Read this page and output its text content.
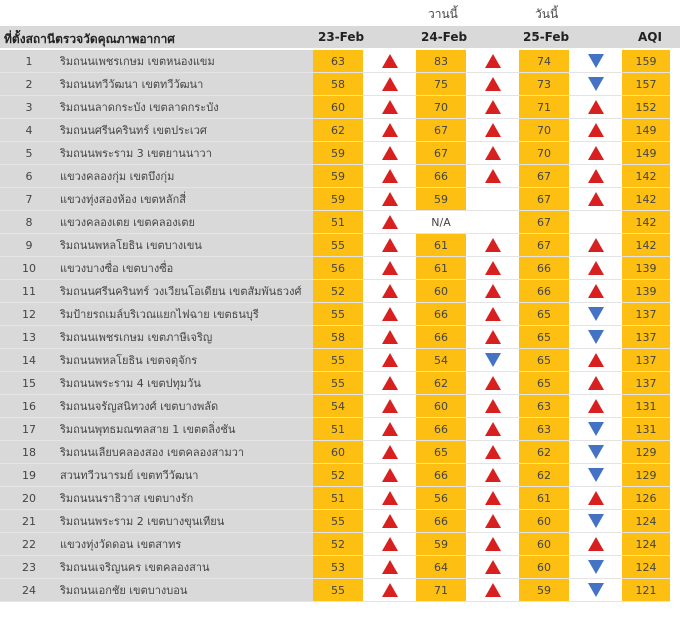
วานนี้	วันนี้
ที่ตั้งสถานีตรวจวัดคุณภาพอากาศ	23-Feb	24-Feb	25-Feb	AQI
1	ริมถนนเพชรเกษม เขตหนองแขม	63		83		74		159
2	ริมถนนทวีวัฒนา เขตทวีวัฒนา	58		75		73		157
3	ริมถนนลาดกระบัง เขตลาดกระบัง	60		70		71		152
4	ริมถนนศรีนครินทร์ เขตประเวศ	62		67		70		149
5	ริมถนนพระราม 3 เขตยานนาวา	59		67		70		149
6	แขวงคลองกุ่ม เขตบึงกุ่ม	59		66		67		142
7	แขวงทุ่งสองห้อง เขตหลักสี่	59		59		67		142
8	แขวงคลองเตย เขตคลองเตย	51		N/A		67		142
9	ริมถนนพหลโยธิน เขตบางเขน	55		61		67		142
10	แขวงบางซื่อ เขตบางซื่อ	56		61		66		139
11	ริมถนนศรีนครินทร์ วงเวียนโอเดียน เขตสัมพันธวงศ์	52		60		66		139
12	ริมป้ายรถเมล์บริเวณแยกไฟฉาย เขตธนบุรี	55		66		65		137
13	ริมถนนเพชรเกษม เขตภาษีเจริญ	58		66		65		137
14	ริมถนนพหลโยธิน เขตจตุจักร	55		54		65		137
15	ริมถนนพระราม 4 เขตปทุมวัน	55		62		65		137
16	ริมถนนจรัญสนิทวงศ์ เขตบางพลัด	54		60		63		131
17	ริมถนนพุทธมณฑลสาย 1 เขตตลิ่งชัน	51		66		63		131
18	ริมถนนเลียบคลองสอง เขตคลองสามวา	60		65		62		129
19	สวนทวีวนารมย์ เขตทวีวัฒนา	52		66		62		129
20	ริมถนนนราธิวาส เขตบางรัก	51		56		61		126
21	ริมถนนพระราม 2 เขตบางขุนเทียน	55		66		60		124
22	แขวงทุ่งวัดดอน เขตสาทร	52		59		60		124
23	ริมถนนเจริญนคร เขตคลองสาน	53		64		60		124
24	ริมถนนเอกชัย เขตบางบอน	55		71		59		121
